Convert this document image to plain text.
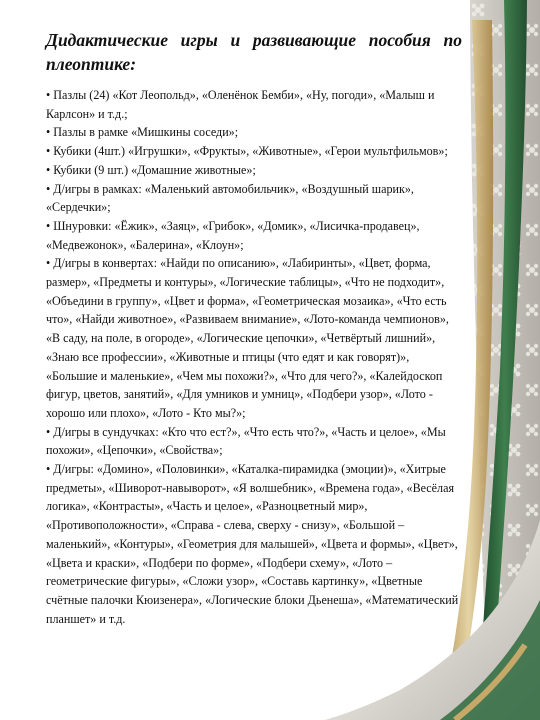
Дидактические игры и развивающие пособия по плеоптике:

• Пазлы (24) «Кот Леопольд», «Оленёнок Бемби», «Ну, погоди», «Малыш и Карлсон» и т.д.;

• Пазлы в рамке «Мишкины соседи»;

• Кубики (4шт.) «Игрушки», «Фрукты», «Животные», «Герои мультфильмов»;

• Кубики (9 шт.) «Домашние животные»;

• Д/игры в рамках: «Маленький автомобильчик», «Воздушный шарик», «Сердечки»;

• Шнуровки: «Ёжик», «Заяц», «Грибок», «Домик», «Лисичка-продавец», «Медвежонок», «Балерина», «Клоун»;

• Д/игры в конвертах: «Найди по описанию», «Лабиринты», «Цвет, форма, размер», «Предметы и контуры», «Логические таблицы», «Что не подходит», «Объедини в группу», «Цвет и форма», «Геометрическая мозаика», «Что есть что», «Найди животное», «Развиваем внимание», «Лото-команда чемпионов», «В саду, на поле, в огороде», «Логические цепочки», «Четвёртый лишний», «Знаю все профессии», «Животные и птицы (что едят и как говорят)», «Большие и маленькие», «Чем мы похожи?», «Что для чего?», «Калейдоскоп фигур, цветов, занятий», «Для умников и умниц», «Подбери узор», «Лото - хорошо или плохо», «Лото - Кто мы?»;

• Д/игры в сундучках: «Кто что ест?», «Что есть что?», «Часть и целое», «Мы похожи», «Цепочки», «Свойства»;

• Д/игры: «Домино», «Половинки», «Каталка-пирамидка (эмоции)», «Хитрые предметы», «Шиворот-навыворот», «Я волшебник», «Времена года», «Весёлая логика», «Контрасты», «Часть и целое», «Разноцветный мир», «Противоположности», «Справа - слева, сверху - снизу», «Большой – маленький», «Контуры», «Геометрия для малышей», «Цвета и формы», «Цвет», «Цвета и краски», «Подбери по форме», «Подбери схему», «Лото – геометрические фигуры», «Сложи узор», «Составь картинку», «Цветные счётные палочки Кюизенера», «Логические блоки Дьенеша», «Математический планшет» и т.д.
